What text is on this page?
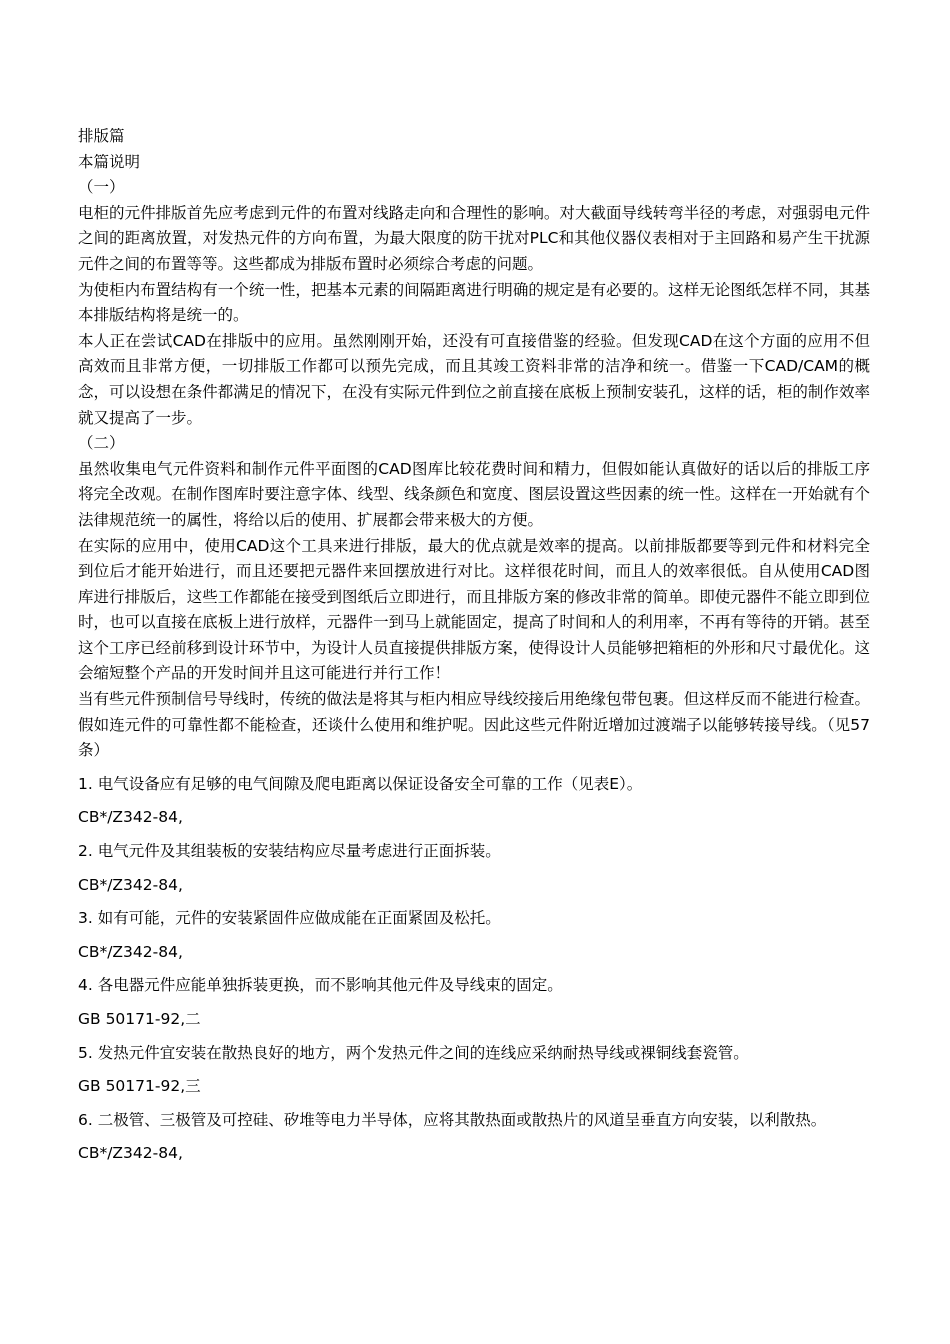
排版篇
本篇说明
（一）
电柜的元件排版首先应考虑到元件的布置对线路走向和合理性的影响。对大截面导线转弯半径的考虑，对强弱电元件之间的距离放置，对发热元件的方向布置，为最大限度的防干扰对PLC和其他仪器仪表相对于主回路和易产生干扰源元件之间的布置等等。这些都成为排版布置时必须综合考虑的问题。
为使柜内布置结构有一个统一性，把基本元素的间隔距离进行明确的规定是有必要的。这样无论图纸怎样不同，其基本排版结构将是统一的。
本人正在尝试CAD在排版中的应用。虽然刚刚开始，还没有可直接借鉴的经验。但发现CAD在这个方面的应用不但高效而且非常方便，一切排版工作都可以预先完成，而且其竣工资料非常的洁净和统一。借鉴一下CAD/CAM的概念，可以设想在条件都满足的情况下，在没有实际元件到位之前直接在底板上预制安装孔，这样的话，柜的制作效率就又提高了一步。
（二）
虽然收集电气元件资料和制作元件平面图的CAD图库比较花费时间和精力，但假如能认真做好的话以后的排版工序将完全改观。在制作图库时要注意字体、线型、线条颜色和宽度、图层设置这些因素的统一性。这样在一开始就有个法律规范统一的属性，将给以后的使用、扩展都会带来极大的方便。
在实际的应用中，使用CAD这个工具来进行排版，最大的优点就是效率的提高。以前排版都要等到元件和材料完全到位后才能开始进行，而且还要把元器件来回摆放进行对比。这样很花时间，而且人的效率很低。自从使用CAD图库进行排版后，这些工作都能在接受到图纸后立即进行，而且排版方案的修改非常的简单。即使元器件不能立即到位时，也可以直接在底板上进行放样，元器件一到马上就能固定，提高了时间和人的利用率，不再有等待的开销。甚至这个工序已经前移到设计环节中，为设计人员直接提供排版方案，使得设计人员能够把箱柜的外形和尺寸最优化。这会缩短整个产品的开发时间并且这可能进行并行工作！
当有些元件预制信号导线时，传统的做法是将其与柜内相应导线绞接后用绝缘包带包裹。但这样反而不能进行检查。假如连元件的可靠性都不能检查，还谈什么使用和维护呢。因此这些元件附近增加过渡端子以能够转接导线。（见57条）
1. 电气设备应有足够的电气间隙及爬电距离以保证设备安全可靠的工作（见表E）。
CB*/Z342-84,
2. 电气元件及其组装板的安装结构应尽量考虑进行正面拆装。
CB*/Z342-84,
3. 如有可能，元件的安装紧固件应做成能在正面紧固及松托。
CB*/Z342-84,
4. 各电器元件应能单独拆装更换，而不影响其他元件及导线束的固定。
GB 50171-92,二
5. 发热元件宜安装在散热良好的地方，两个发热元件之间的连线应采纳耐热导线或裸铜线套瓷管。
GB 50171-92,三
6. 二极管、三极管及可控硅、矽堆等电力半导体，应将其散热面或散热片的风道呈垂直方向安装，以利散热。
CB*/Z342-84,
